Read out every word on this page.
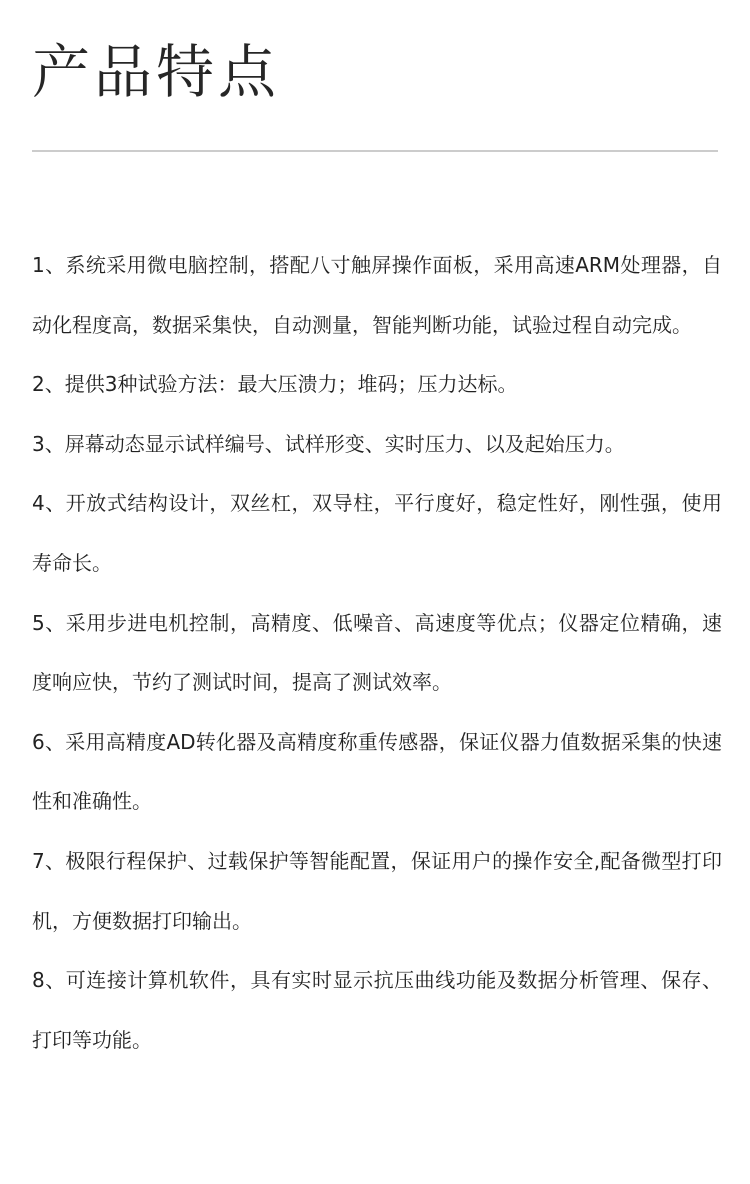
产品特点
1、系统采用微电脑控制，搭配八寸触屏操作面板，采用高速ARM处理器，自动化程度高，数据采集快，自动测量，智能判断功能，试验过程自动完成。
2、提供3种试验方法：最大压溃力；堆码；压力达标。
3、屏幕动态显示试样编号、试样形变、实时压力、以及起始压力。
4、开放式结构设计，双丝杠，双导柱，平行度好，稳定性好，刚性强，使用寿命长。
5、采用步进电机控制，高精度、低噪音、高速度等优点；仪器定位精确，速度响应快，节约了测试时间，提高了测试效率。
6、采用高精度AD转化器及高精度称重传感器，保证仪器力值数据采集的快速性和准确性。
7、极限行程保护、过载保护等智能配置，保证用户的操作安全,配备微型打印机，方便数据打印输出。
8、可连接计算机软件，具有实时显示抗压曲线功能及数据分析管理、保存、打印等功能。
